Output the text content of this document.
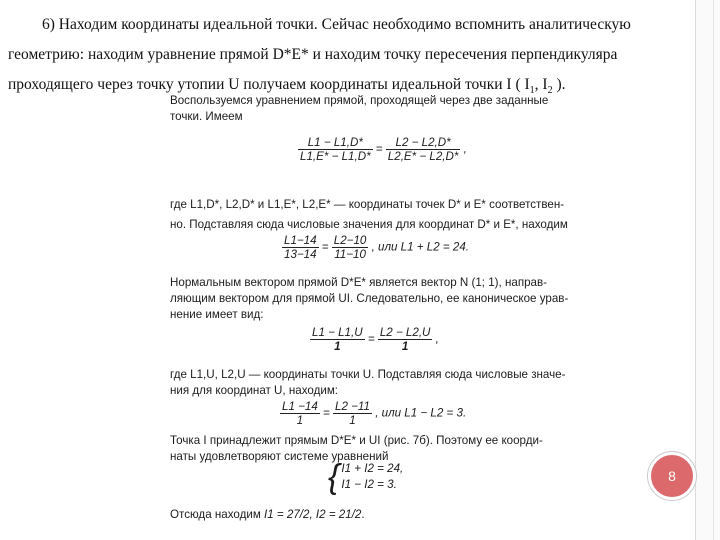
6) Находим координаты идеальной точки. Сейчас необходимо вспомнить аналитическую

геометрию: находим уравнение прямой D*E* и находим точку пересечения перпендикуляра

проходящего через точку утопии U получаем координаты идеальной точки I ( $I_1$, $I_2$ ).

Воспользуемся уравнением прямой, проходящей через две заданные
точки. Имеем
$\frac{L1 - L1,D*}{L1,E* - L1,D*} = \frac{L2 - L2,D*}{L2,E* - L2,D*}$ ,
где L1,D*, L2,D* и L1,E*, L2,E* — координаты точек D* и E* соответствен-
но. Подставляя сюда числовые значения для координат D* и E*, находим
$\frac{L1-14}{13-14} = \frac{L2-10}{11-10}$ , или L1 + L2 = 24.
Нормальным вектором прямой D*E* является вектор N (1; 1), направ-
ляющим вектором для прямой UI. Следовательно, ее каноническое урав-
нение имеет вид:
$\frac{L1 - L1,U}{1} = \frac{L2 - L2,U}{1}$ ,
где L1,U, L2,U — координаты точки U. Подставляя сюда числовые значе-
ния для координат U, находим:
$\frac{L1 -14}{1} = \frac{L2 -11}{1}$ , или L1 − L2 = 3.
Точка I принадлежит прямым D*E* и UI (рис. 7б). Поэтому ее коорди-
наты удовлетворяют системе уравнений
{ I1 + I2 = 24,
I1 − I2 = 3.
Отсюда находим I1 = 27/2, I2 = 21/2.
8
